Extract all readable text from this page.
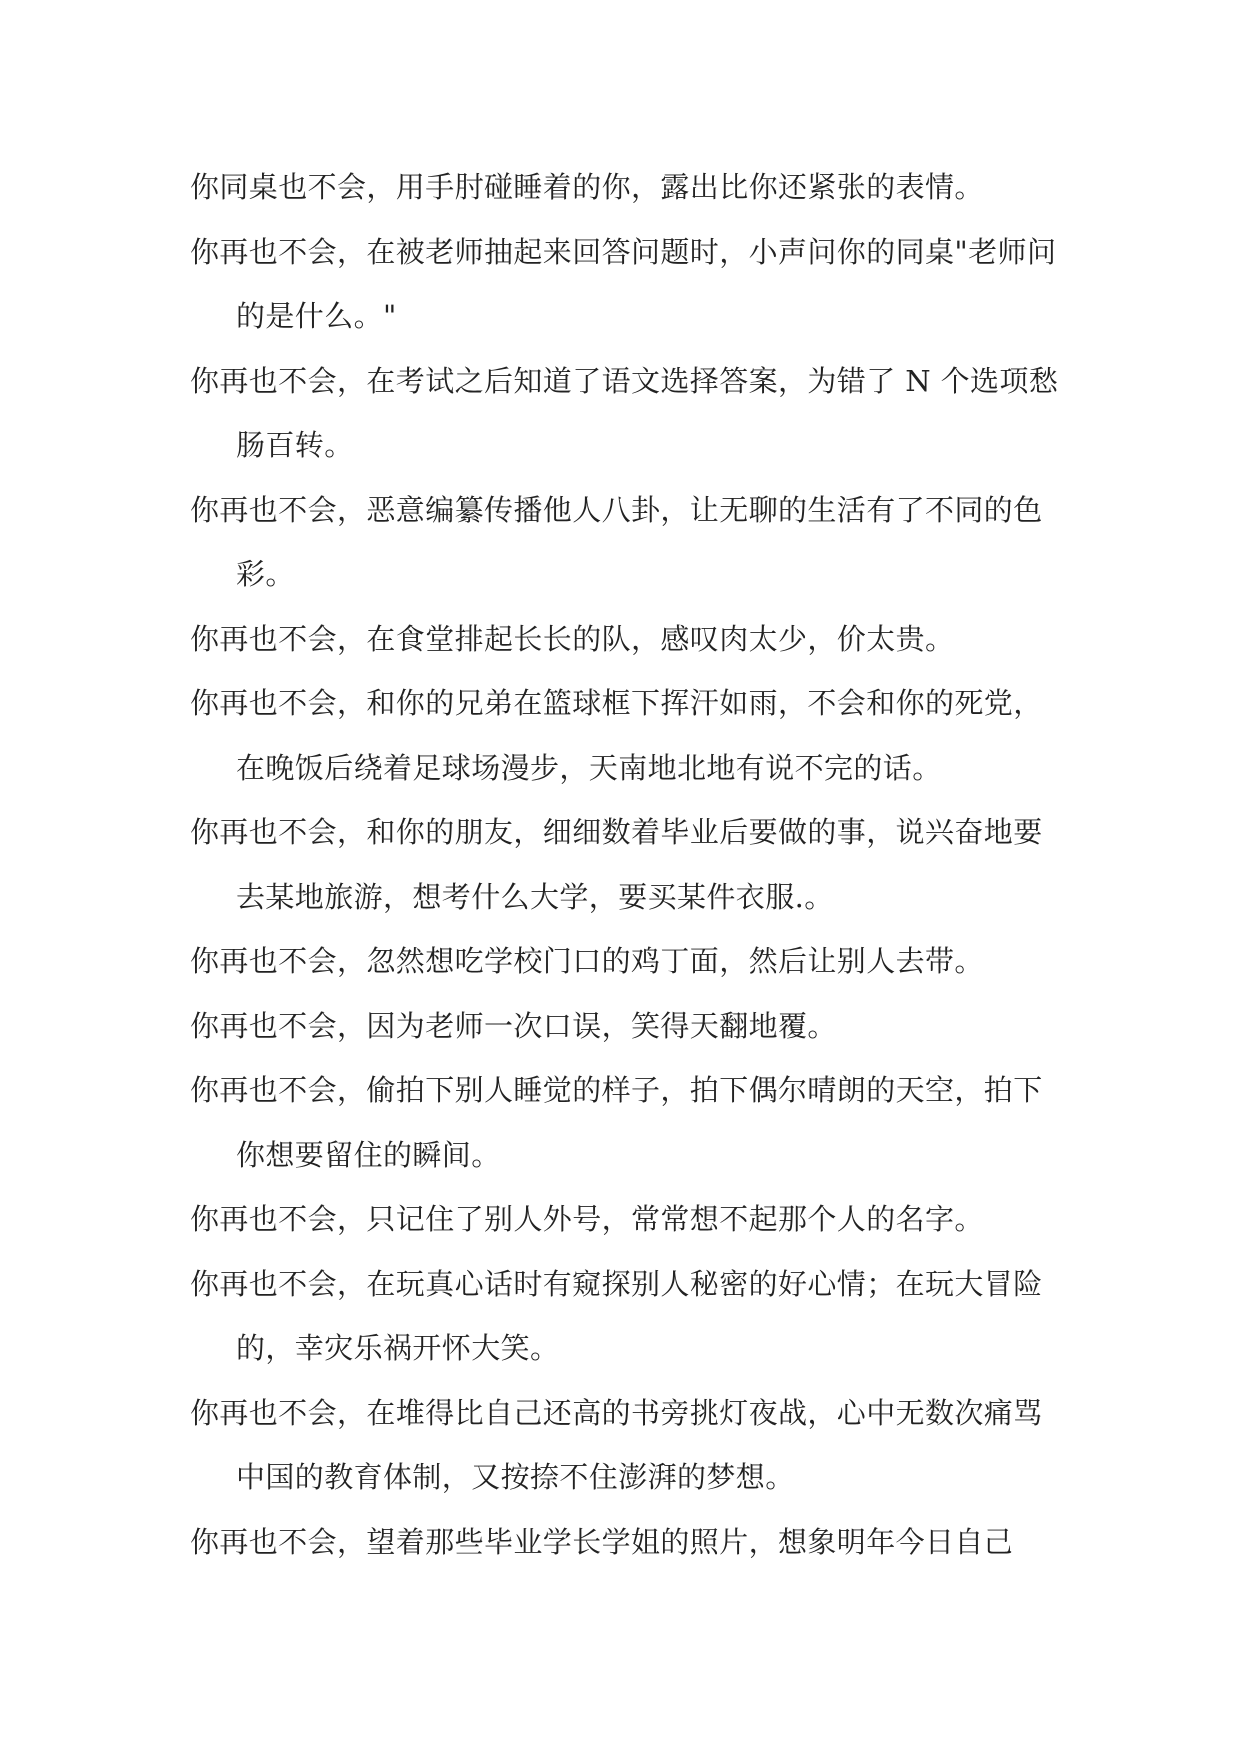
你同桌也不会，用手肘碰睡着的你，露出比你还紧张的表情。

你再也不会，在被老师抽起来回答问题时，小声问你的同桌"老师问的是什么。"

你再也不会，在考试之后知道了语文选择答案，为错了 N 个选项愁肠百转。

你再也不会，恶意编纂传播他人八卦，让无聊的生活有了不同的色彩。

你再也不会，在食堂排起长长的队，感叹肉太少，价太贵。

你再也不会，和你的兄弟在篮球框下挥汗如雨，不会和你的死党，在晚饭后绕着足球场漫步，天南地北地有说不完的话。

你再也不会，和你的朋友，细细数着毕业后要做的事，说兴奋地要去某地旅游，想考什么大学，要买某件衣服.。

你再也不会，忽然想吃学校门口的鸡丁面，然后让别人去带。

你再也不会，因为老师一次口误，笑得天翻地覆。

你再也不会，偷拍下别人睡觉的样子，拍下偶尔晴朗的天空，拍下你想要留住的瞬间。

你再也不会，只记住了别人外号，常常想不起那个人的名字。

你再也不会，在玩真心话时有窥探别人秘密的好心情；在玩大冒险的，幸灾乐祸开怀大笑。

你再也不会，在堆得比自己还高的书旁挑灯夜战，心中无数次痛骂中国的教育体制，又按捺不住澎湃的梦想。

你再也不会，望着那些毕业学长学姐的照片，想象明年今日自己
